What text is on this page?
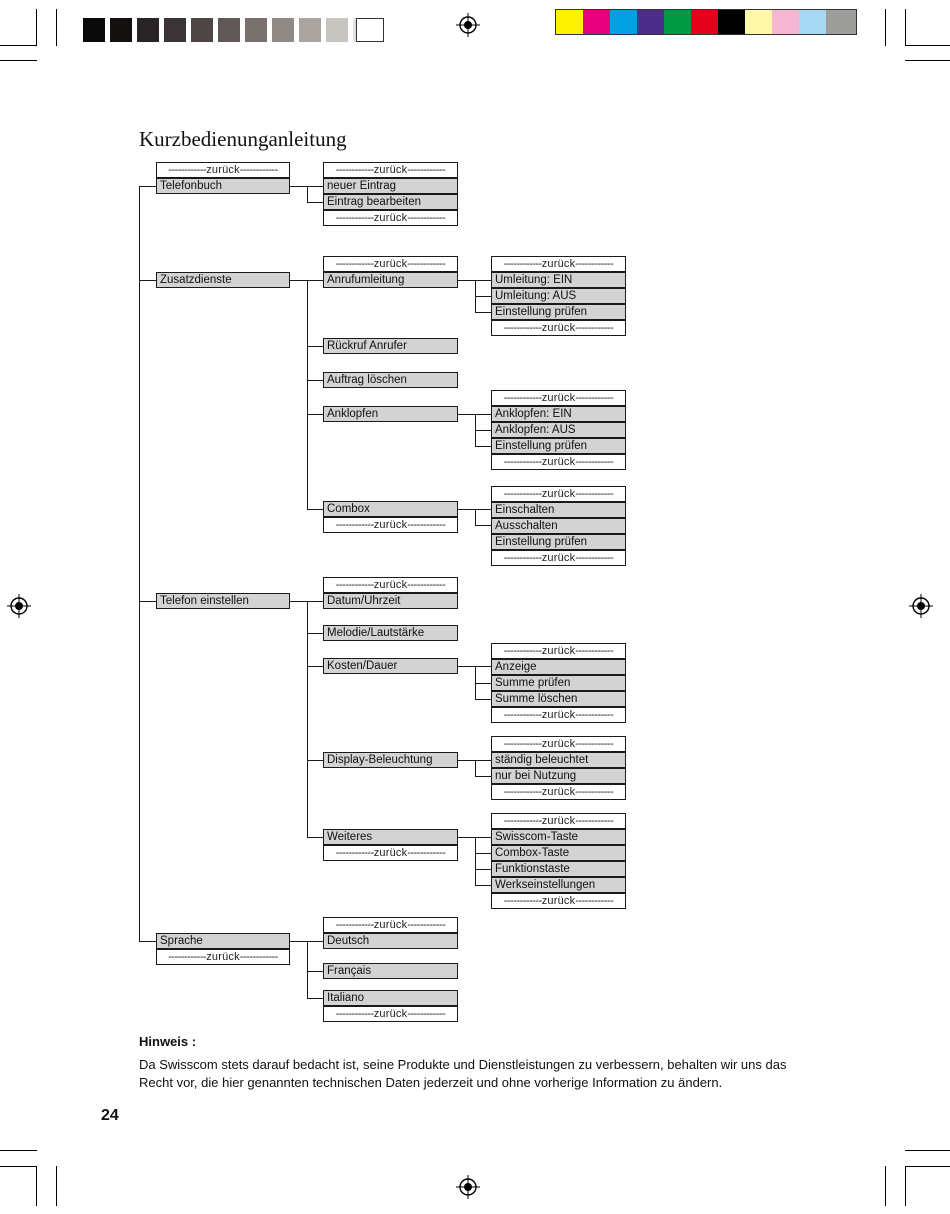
Kurzbedienunganleitung
----- zurück -----
Telefonbuch
Zusatzdienste
Telefon einstellen
Sprache
----- zurück -----
----- zurück -----
neuer Eintrag
Eintrag bearbeiten
----- zurück -----
----- zurück -----
Anrufumleitung
Rückruf Anrufer
Auftrag löschen
Anklopfen
Combox
----- zurück -----
----- zurück -----
Umleitung: EIN
Umleitung: AUS
Einstellung prüfen
----- zurück -----
----- zurück -----
Anklopfen: EIN
Anklopfen: AUS
Einstellung prüfen
----- zurück -----
----- zurück -----
Einschalten
Ausschalten
Einstellung prüfen
----- zurück -----
----- zurück -----
Datum/Uhrzeit
Melodie/Lautstärke
Kosten/Dauer
Display-Beleuchtung
Weiteres
----- zurück -----
----- zurück -----
Anzeige
Summe prüfen
Summe löschen
----- zurück -----
----- zurück -----
ständig beleuchtet
nur bei Nutzung
----- zurück -----
----- zurück -----
Swisscom-Taste
Combox-Taste
Funktionstaste
Werkseinstellungen
----- zurück -----
----- zurück -----
Deutsch
Français
Italiano
----- zurück -----
Hinweis :
Da Swisscom stets darauf bedacht ist, seine Produkte und Dienstleistungen zu verbessern, behalten wir uns das Recht vor, die hier genannten technischen Daten jederzeit und ohne vorherige Information zu ändern.
24
